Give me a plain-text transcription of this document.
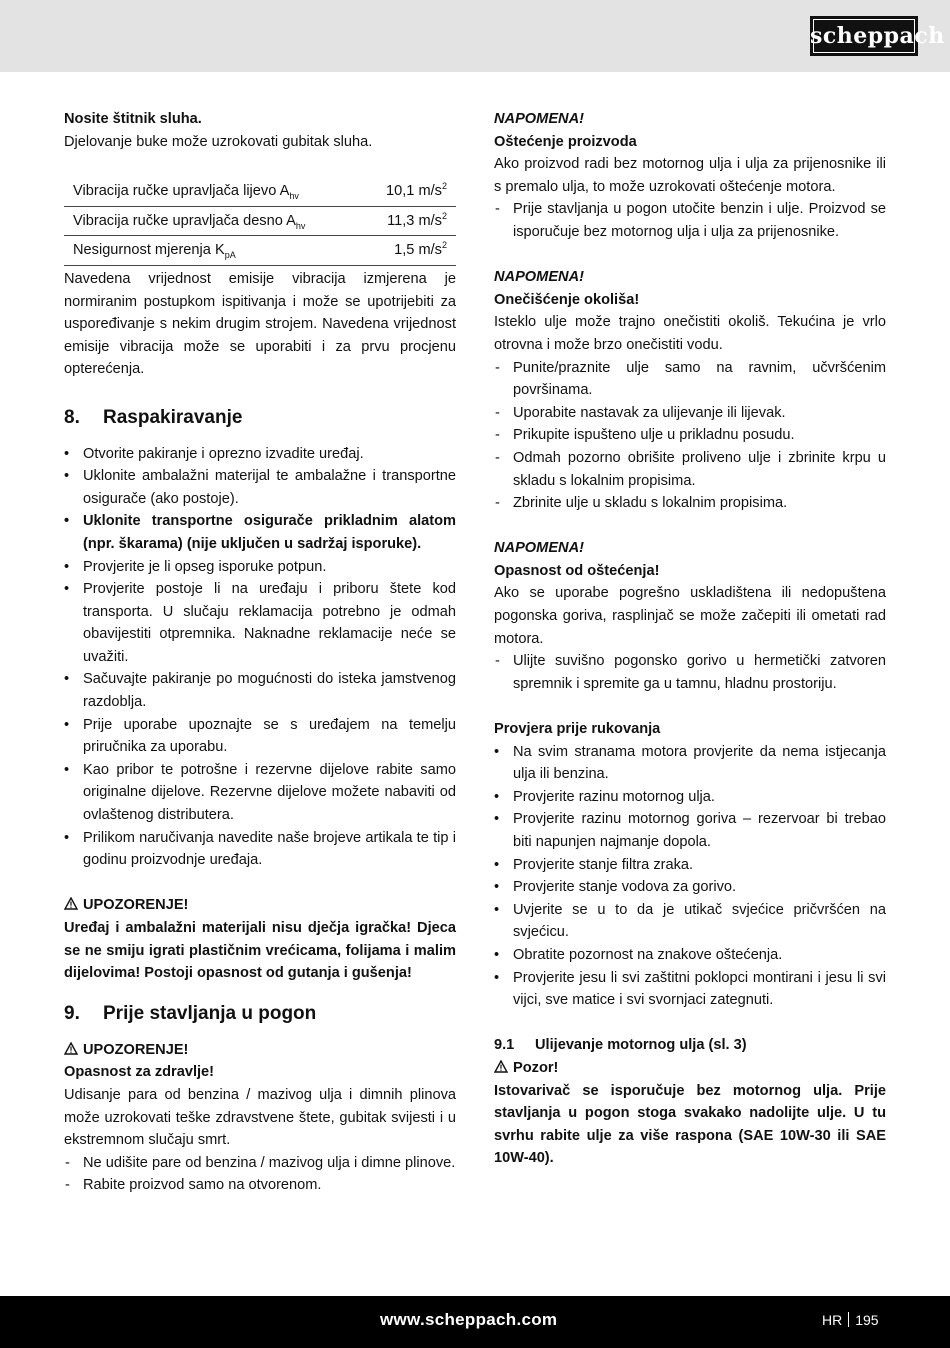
scheppach

Nosite štitnik sluha.

Djelovanje buke može uzrokovati gubitak sluha.

Vibracija ručke upravljača lijevo $A_{hv}$	10,1 $m/s^2$
Vibracija ručke upravljača desno $A_{hv}$	11,3 $m/s^2$
Nesigurnost mjerenja $K_{pA}$	1,5 $m/s^2$

Navedena vrijednost emisije vibracija izmjerena je normiranim postupkom ispitivanja i može se upotrijebiti za uspoređivanje s nekim drugim strojem. Navedena vrijednost emisije vibracija može se uporabiti i za prvu procjenu opterećenja.

8. Raspakiravanje
• Otvorite pakiranje i oprezno izvadite uređaj.
• Uklonite ambalažni materijal te ambalažne i transportne osigurače (ako postoje).
• Uklonite transportne osigurače prikladnim alatom (npr. škarama) (nije uključen u sadržaj isporuke).
• Provjerite je li opseg isporuke potpun.
• Provjerite postoje li na uređaju i priboru štete kod transporta. U slučaju reklamacija potrebno je odmah obavijestiti otpremnika. Naknadne reklamacije neće se uvažiti.
• Sačuvajte pakiranje po mogućnosti do isteka jamstvenog razdoblja.
• Prije uporabe upoznajte se s uređajem na temelju priručnika za uporabu.
• Kao pribor te potrošne i rezervne dijelove rabite samo originalne dijelove. Rezervne dijelove možete nabaviti od ovlaštenog distributera.
• Prilikom naručivanja navedite naše brojeve artikala te tip i godinu proizvodnje uređaja.

UPOZORENJE!

Uređaj i ambalažni materijali nisu dječja igračka! Djeca se ne smiju igrati plastičnim vrećicama, folijama i malim dijelovima! Postoji opasnost od gutanja i gušenja!

9. Prije stavljanja u pogon

UPOZORENJE!

Opasnost za zdravlje!

Udisanje para od benzina / mazivog ulja i dimnih plinova može uzrokovati teške zdravstvene štete, gubitak svijesti i u ekstremnom slučaju smrt.

- Ne udišite pare od benzina / mazivog ulja i dimne plinove.
- Rabite proizvod samo na otvorenom.

NAPOMENA!

Oštećenje proizvoda

Ako proizvod radi bez motornog ulja i ulja za prijenosnike ili s premalo ulja, to može uzrokovati oštećenje motora.

- Prije stavljanja u pogon utočite benzin i ulje. Proizvod se isporučuje bez motornog ulja i ulja za prijenosnike.

NAPOMENA!

Onečišćenje okoliša!

Isteklo ulje može trajno onečistiti okoliš. Tekućina je vrlo otrovna i može brzo onečistiti vodu.

- Punite/praznite ulje samo na ravnim, učvršćenim površinama.
- Uporabite nastavak za ulijevanje ili lijevak.
- Prikupite ispušteno ulje u prikladnu posudu.
- Odmah pozorno obrišite proliveno ulje i zbrinite krpu u skladu s lokalnim propisima.
- Zbrinite ulje u skladu s lokalnim propisima.

NAPOMENA!

Opasnost od oštećenja!

Ako se uporabe pogrešno uskladištena ili nedopuštena pogonska goriva, rasplinjač se može začepiti ili ometati rad motora.

- Ulijte suvišno pogonsko gorivo u hermetički zatvoren spremnik i spremite ga u tamnu, hladnu prostoriju.

Provjera prije rukovanja

• Na svim stranama motora provjerite da nema istjecanja ulja ili benzina.
• Provjerite razinu motornog ulja.
• Provjerite razinu motornog goriva – rezervoar bi trebao biti napunjen najmanje dopola.
• Provjerite stanje filtra zraka.
• Provjerite stanje vodova za gorivo.
• Uvjerite se u to da je utikač svjećice pričvršćen na svjećicu.
• Obratite pozornost na znakove oštećenja.
• Provjerite jesu li svi zaštitni poklopci montirani i jesu li svi vijci, sve matice i svi svornjaci zategnuti.
9.1 Ulijevanje motornog ulja (sl. 3)

Pozor!

Istovarivač se isporučuje bez motornog ulja. Prije stavljanja u pogon stoga svakako nadolijte ulje. U tu svrhu rabite ulje za više raspona (SAE 10W-30 ili SAE 10W-40).

www.scheppach.com	HR 195
